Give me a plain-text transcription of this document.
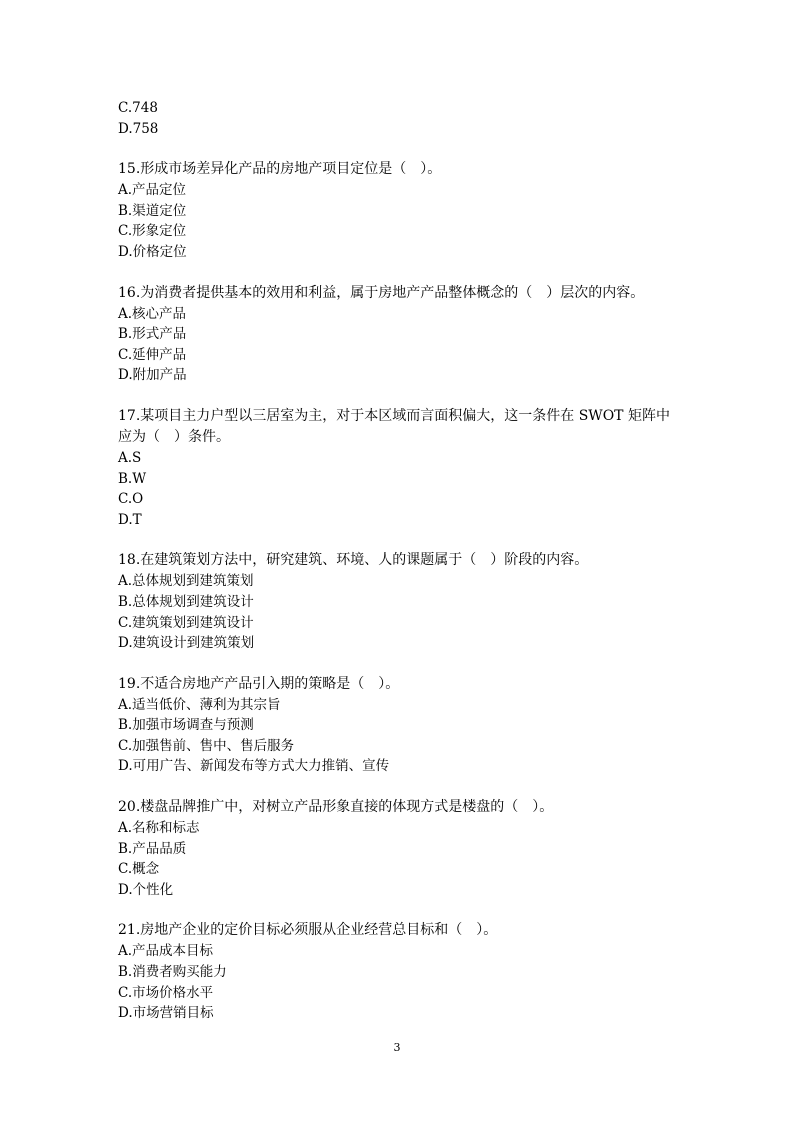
C.748
D.758
15.形成市场差异化产品的房地产项目定位是（　）。
A.产品定位
B.渠道定位
C.形象定位
D.价格定位
16.为消费者提供基本的效用和利益，属于房地产产品整体概念的（　）层次的内容。
A.核心产品
B.形式产品
C.延伸产品
D.附加产品
17.某项目主力户型以三居室为主，对于本区域而言面积偏大，这一条件在 SWOT 矩阵中应为（　）条件。
A.S
B.W
C.O
D.T
18.在建筑策划方法中，研究建筑、环境、人的课题属于（　）阶段的内容。
A.总体规划到建筑策划
B.总体规划到建筑设计
C.建筑策划到建筑设计
D.建筑设计到建筑策划
19.不适合房地产产品引入期的策略是（　）。
A.适当低价、薄利为其宗旨
B.加强市场调查与预测
C.加强售前、售中、售后服务
D.可用广告、新闻发布等方式大力推销、宣传
20.楼盘品牌推广中，对树立产品形象直接的体现方式是楼盘的（　）。
A.名称和标志
B.产品品质
C.概念
D.个性化
21.房地产企业的定价目标必须服从企业经营总目标和（　）。
A.产品成本目标
B.消费者购买能力
C.市场价格水平
D.市场营销目标
3
